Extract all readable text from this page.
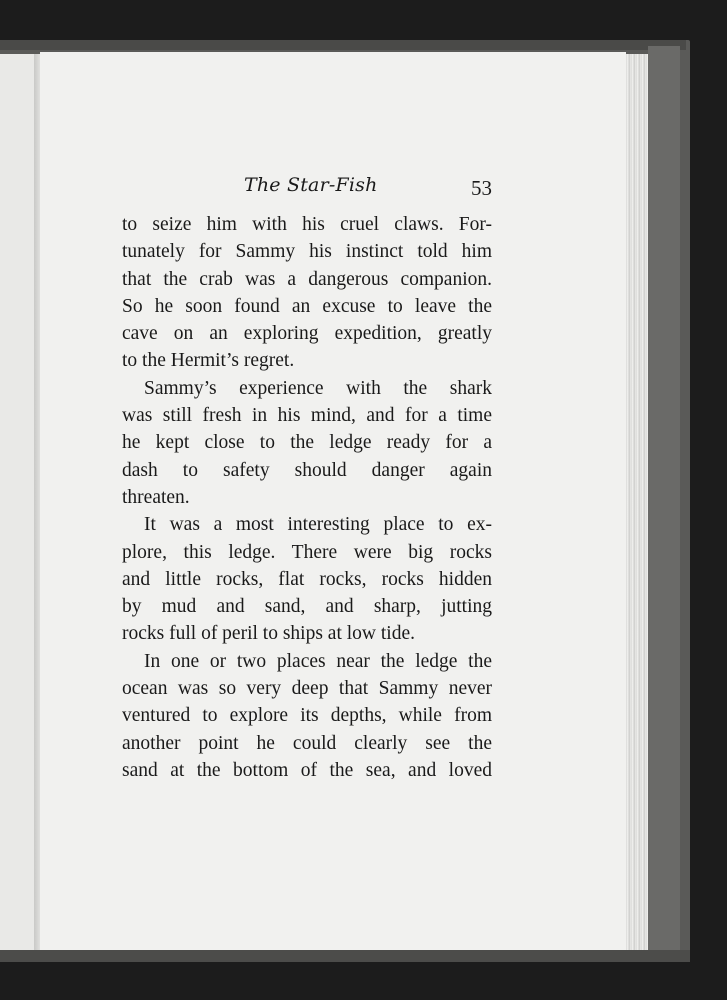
The Star-Fish	53

to seize him with his cruel claws. For-
tunately for Sammy his instinct told him
that the crab was a dangerous companion.
So he soon found an excuse to leave the
cave on an exploring expedition, greatly
to the Hermit’s regret.

Sammy’s experience with the shark
was still fresh in his mind, and for a time
he kept close to the ledge ready for a
dash to safety should danger again
threaten.

It was a most interesting place to ex-
plore, this ledge. There were big rocks
and little rocks, flat rocks, rocks hidden
by mud and sand, and sharp, jutting
rocks full of peril to ships at low tide.

In one or two places near the ledge the
ocean was so very deep that Sammy never
ventured to explore its depths, while from
another point he could clearly see the
sand at the bottom of the sea, and loved
